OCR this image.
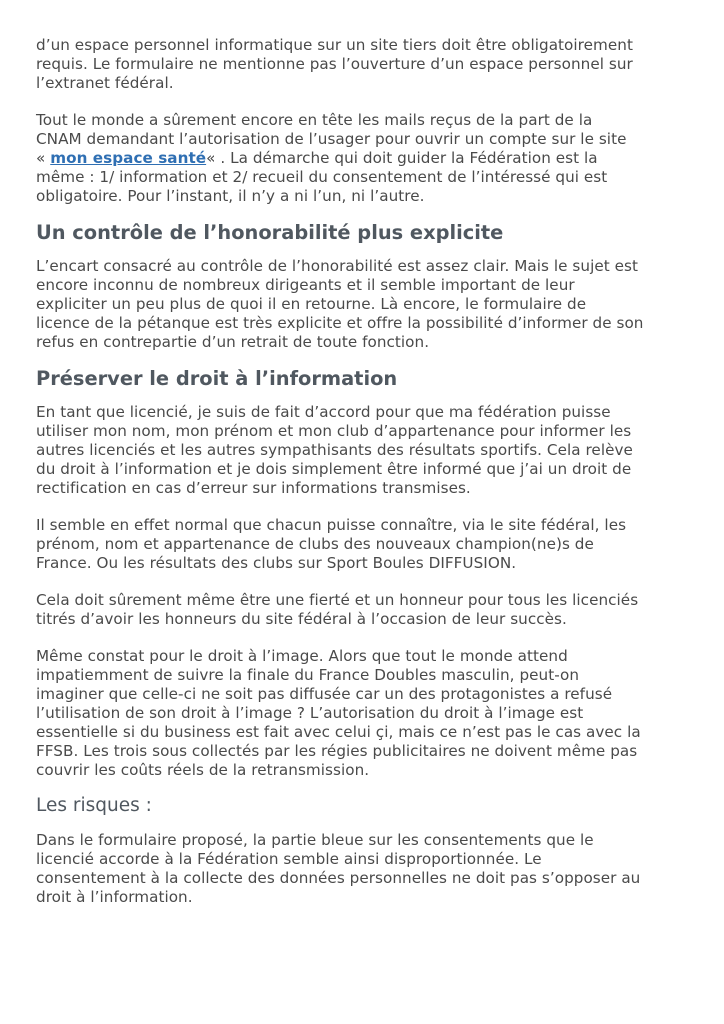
d’un espace personnel informatique sur un site tiers doit être obligatoirement
requis. Le formulaire ne mentionne pas l’ouverture d’un espace personnel sur
l’extranet fédéral.

Tout le monde a sûrement encore en tête les mails reçus de la part de la
CNAM demandant l’autorisation de l’usager pour ouvrir un compte sur le site
« mon espace santé« . La démarche qui doit guider la Fédération est la
même : 1/ information et 2/ recueil du consentement de l’intéressé qui est
obligatoire. Pour l’instant, il n’y a ni l’un, ni l’autre.

Un contrôle de l’honorabilité plus explicite

L’encart consacré au contrôle de l’honorabilité est assez clair. Mais le sujet est
encore inconnu de nombreux dirigeants et il semble important de leur
expliciter un peu plus de quoi il en retourne. Là encore, le formulaire de
licence de la pétanque est très explicite et offre la possibilité d’informer de son
refus en contrepartie d’un retrait de toute fonction.

Préserver le droit à l’information

En tant que licencié, je suis de fait d’accord pour que ma fédération puisse
utiliser mon nom, mon prénom et mon club d’appartenance pour informer les
autres licenciés et les autres sympathisants des résultats sportifs. Cela relève
du droit à l’information et je dois simplement être informé que j’ai un droit de
rectification en cas d’erreur sur informations transmises.

Il semble en effet normal que chacun puisse connaître, via le site fédéral, les
prénom, nom et appartenance de clubs des nouveaux champion(ne)s de
France. Ou les résultats des clubs sur Sport Boules DIFFUSION.

Cela doit sûrement même être une fierté et un honneur pour tous les licenciés
titrés d’avoir les honneurs du site fédéral à l’occasion de leur succès.

Même constat pour le droit à l’image. Alors que tout le monde attend
impatiemment de suivre la finale du France Doubles masculin, peut-on
imaginer que celle-ci ne soit pas diffusée car un des protagonistes a refusé
l’utilisation de son droit à l’image ? L’autorisation du droit à l’image est
essentielle si du business est fait avec celui çi, mais ce n’est pas le cas avec la
FFSB. Les trois sous collectés par les régies publicitaires ne doivent même pas
couvrir les coûts réels de la retransmission.

Les risques :

Dans le formulaire proposé, la partie bleue sur les consentements que le
licencié accorde à la Fédération semble ainsi disproportionnée. Le
consentement à la collecte des données personnelles ne doit pas s’opposer au
droit à l’information.
